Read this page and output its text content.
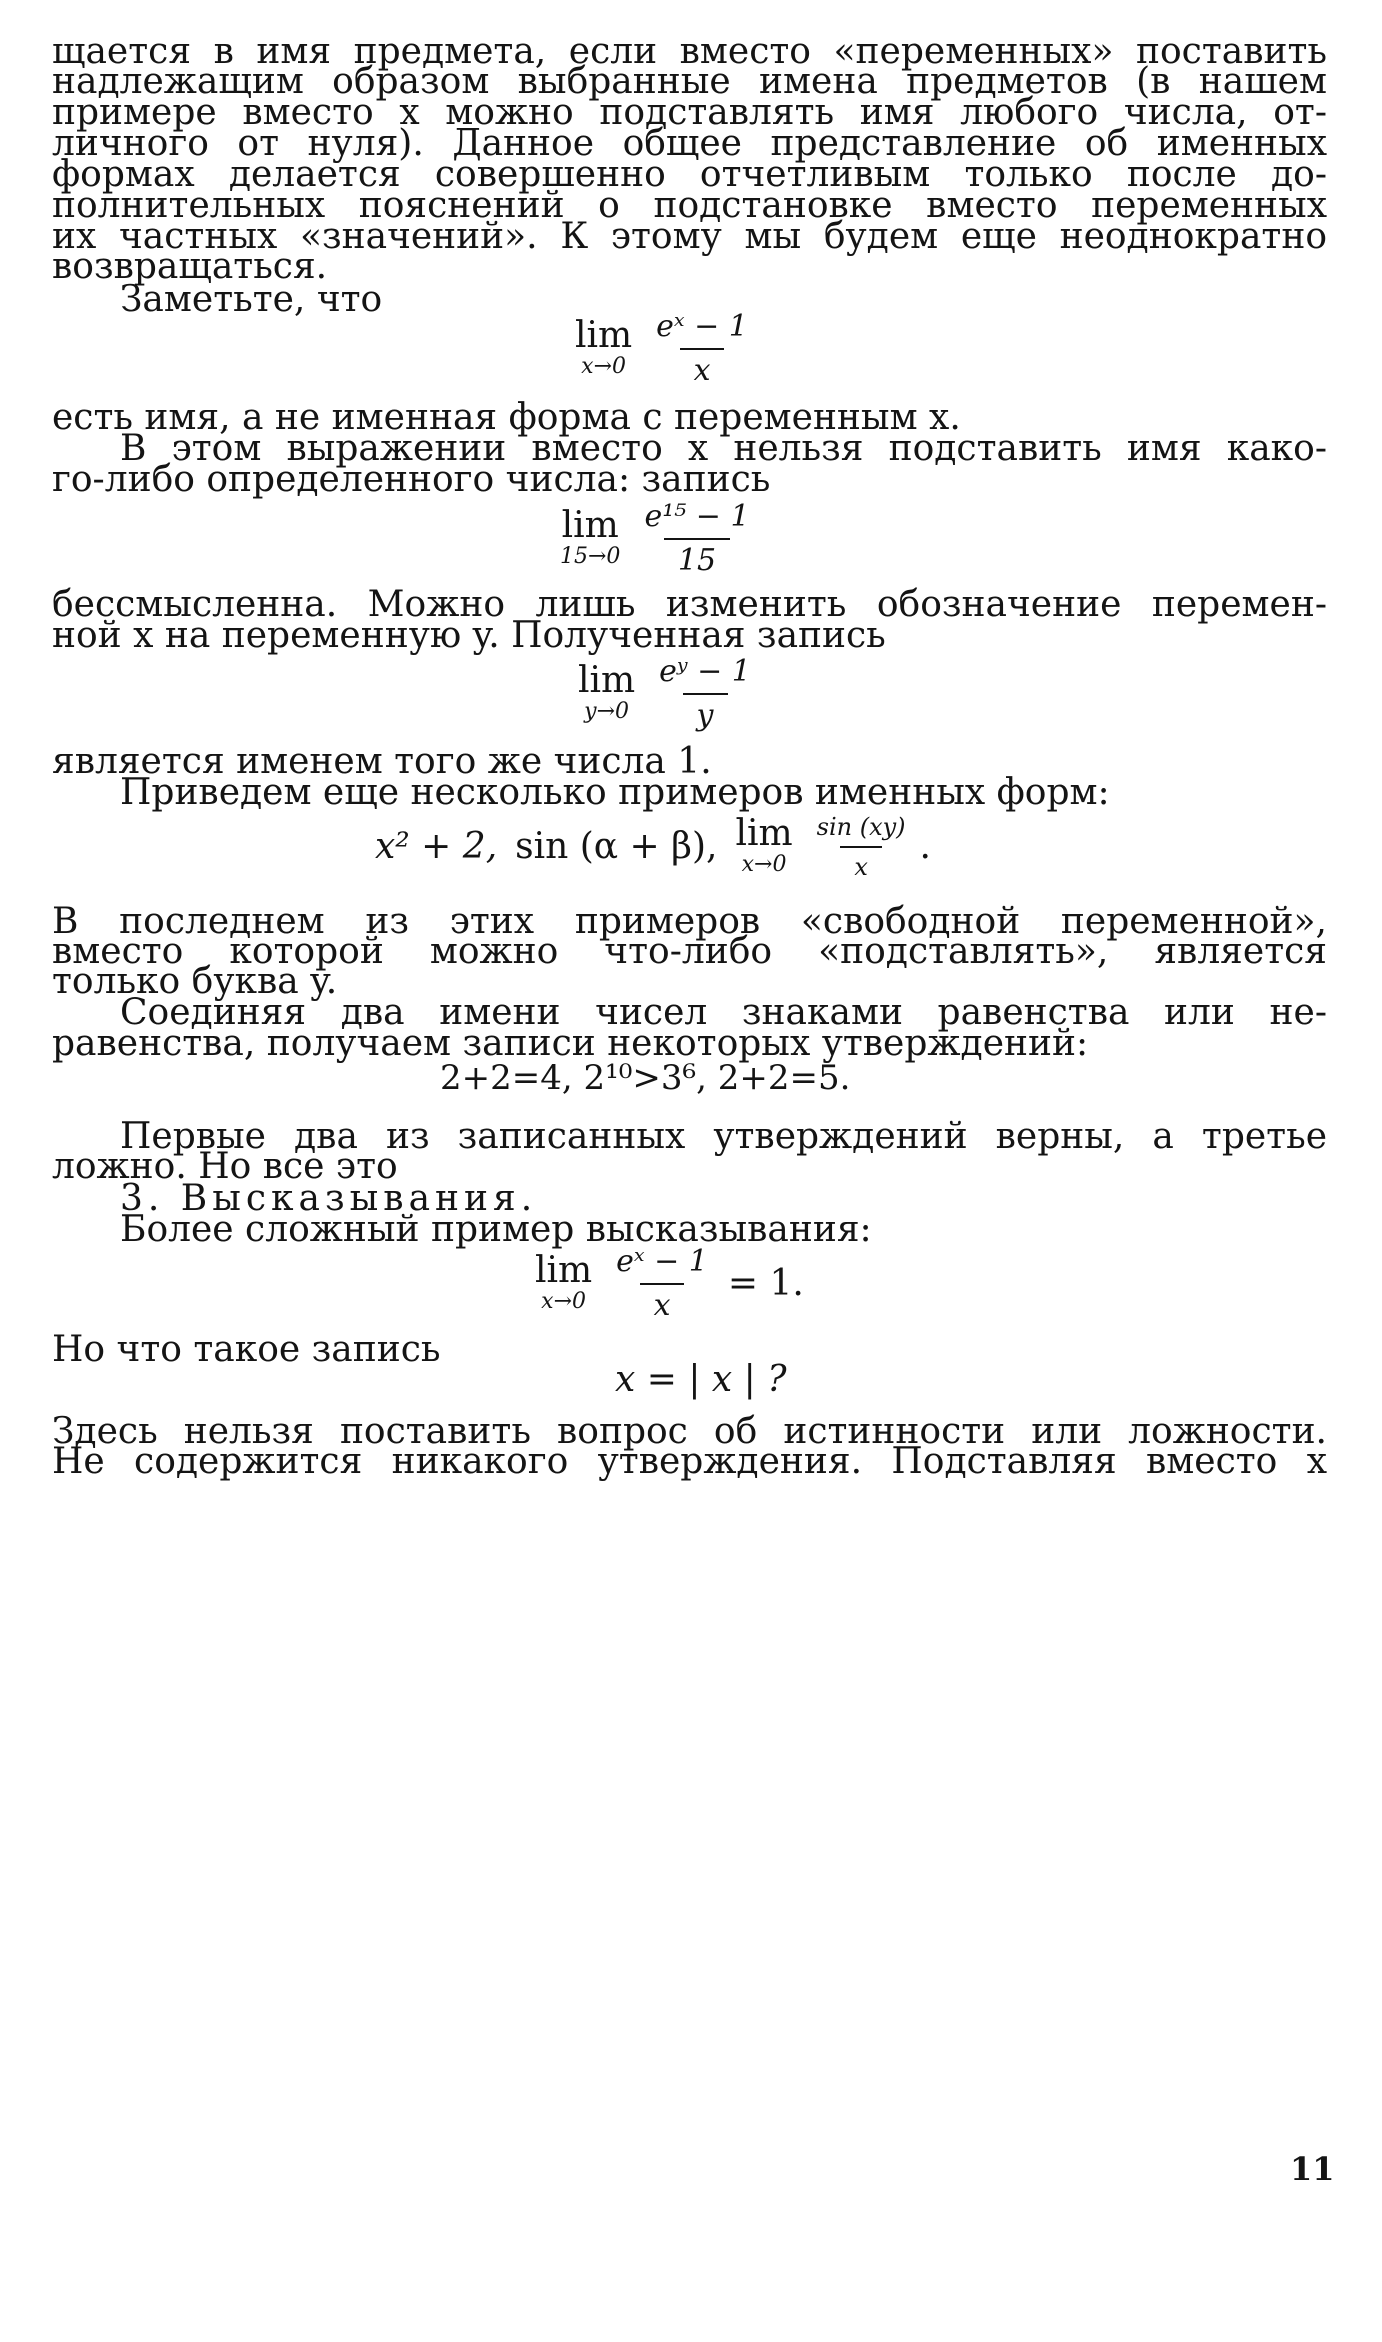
щается в имя предмета, если вместо «переменных» поставить
надлежащим образом выбранные имена предметов (в нашем
примере вместо x можно подставлять имя любого числа, от-
личного от нуля). Данное общее представление об именных
формах делается совершенно отчетливым только после до-
полнительных пояснений о подстановке вместо переменных
их частных «значений». К этому мы будем еще неоднократно
возвращаться.
Заметьте, что
lim
$x\to 0 \frac{\text{eˣ − 1}}{x}$
есть имя, а не именная форма с переменным x.
В этом выражении вместо x нельзя подставить имя како-
го-либо определенного числа: запись
lim
$15\to 0 \frac{\text{e¹⁵ − 1}}{15}$
бессмысленна. Можно лишь изменить обозначение перемен-
ной x на переменную y. Полученная запись
lim
$y\to 0 \frac{\text{eʸ − 1}}{y}$
является именем того же числа 1.
Приведем еще несколько примеров именных форм:
x² + 2, sin (α + β), lim
$x\to 0 \frac{\sin (xy)}{x}$ .
В последнем из этих примеров «свободной переменной»,
вместо которой можно что-либо «подставлять», является
только буква y.
Соединяя два имени чисел знаками равенства или не-
равенства, получаем записи некоторых утверждений:
2+2=4, 2¹⁰>3⁶, 2+2=5.
Первые два из записанных утверждений верны, а третье
ложно. Но все это
3. Высказывания.
Более сложный пример высказывания:
lim
$x\to 0 \frac{\text{eˣ − 1}}{x} = 1$.
Но что такое запись
x = | x | ?
Здесь нельзя поставить вопрос об истинности или ложности.
Не содержится никакого утверждения. Подставляя вместо x
11
